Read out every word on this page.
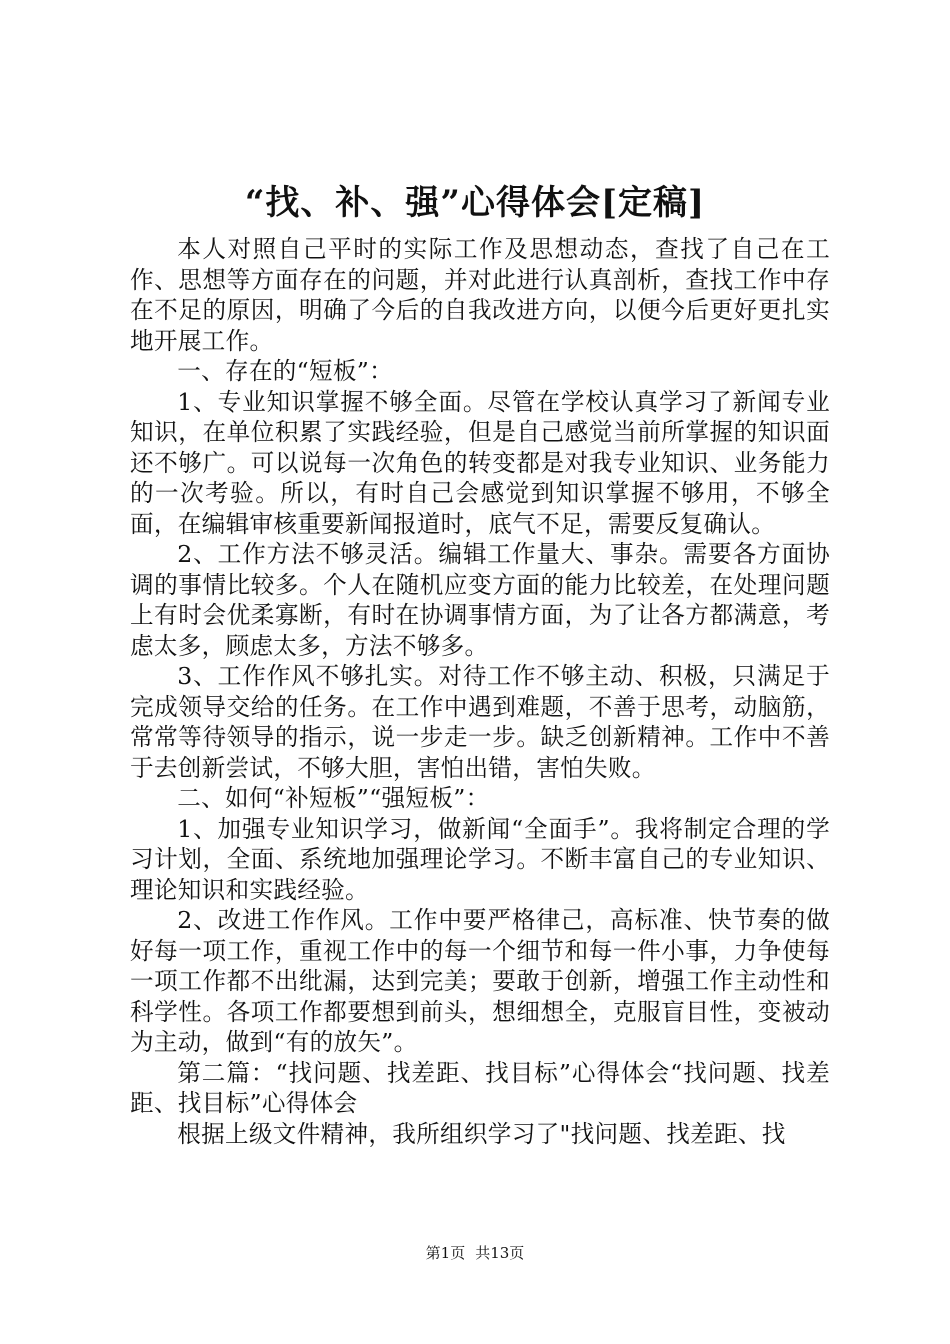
“找、补、强”心得体会[定稿]

本人对照自己平时的实际工作及思想动态，查找了自己在工作、思想等方面存在的问题，并对此进行认真剖析，查找工作中存在不足的原因，明确了今后的自我改进方向，以便今后更好更扎实地开展工作。

一、存在的“短板”：

1、专业知识掌握不够全面。尽管在学校认真学习了新闻专业知识，在单位积累了实践经验，但是自己感觉当前所掌握的知识面还不够广。可以说每一次角色的转变都是对我专业知识、业务能力的一次考验。所以，有时自己会感觉到知识掌握不够用，不够全面，在编辑审核重要新闻报道时，底气不足，需要反复确认。

2、工作方法不够灵活。编辑工作量大、事杂。需要各方面协调的事情比较多。个人在随机应变方面的能力比较差，在处理问题上有时会优柔寡断，有时在协调事情方面，为了让各方都满意，考虑太多，顾虑太多，方法不够多。

3、工作作风不够扎实。对待工作不够主动、积极，只满足于完成领导交给的任务。在工作中遇到难题，不善于思考，动脑筋，常常等待领导的指示，说一步走一步。缺乏创新精神。工作中不善于去创新尝试，不够大胆，害怕出错，害怕失败。

二、如何“补短板”“强短板”：

1、加强专业知识学习，做新闻“全面手”。我将制定合理的学习计划，全面、系统地加强理论学习。不断丰富自己的专业知识、理论知识和实践经验。

2、改进工作作风。工作中要严格律己，高标准、快节奏的做好每一项工作，重视工作中的每一个细节和每一件小事，力争使每一项工作都不出纰漏，达到完美；要敢于创新，增强工作主动性和科学性。各项工作都要想到前头，想细想全，克服盲目性，变被动为主动，做到“有的放矢”。

第二篇：“找问题、找差距、找目标”心得体会“找问题、找差距、找目标”心得体会

根据上级文件精神，我所组织学习了"找问题、找差距、找

第1页 共13页
